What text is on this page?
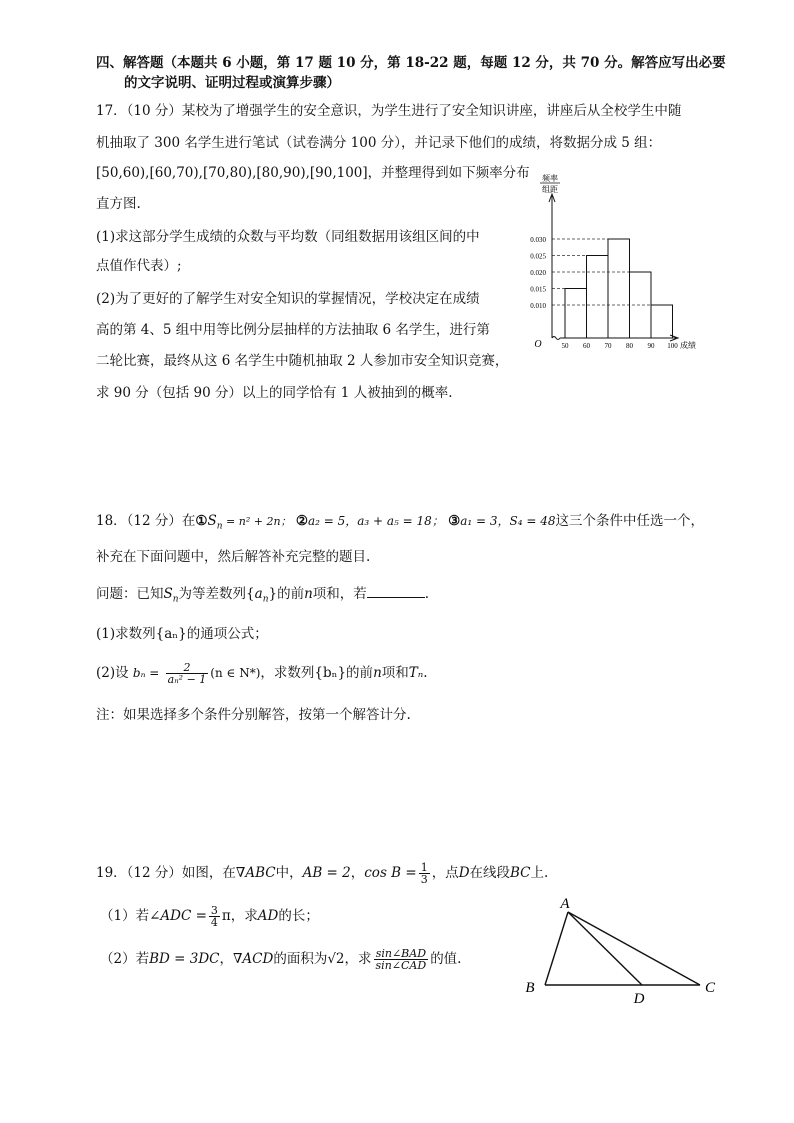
四、解答题（本题共 6 小题，第 17 题 10 分，第 18-22 题，每题 12 分，共 70 分。解答应写出必要
的文字说明、证明过程或演算步骤）
17．（10 分）某校为了增强学生的安全意识，为学生进行了安全知识讲座，讲座后从全校学生中随
机抽取了 300 名学生进行笔试（试卷满分 100 分），并记录下他们的成绩，将数据分成 5 组：
[50,60),[60,70),[70,80),[80,90),[90,100]，并整理得到如下频率分布
直方图.
(1)求这部分学生成绩的众数与平均数（同组数据用该组区间的中
点值作代表）;
(2)为了更好的了解学生对安全知识的掌握情况，学校决定在成绩
高的第 4、5 组中用等比例分层抽样的方法抽取 6 名学生，进行第
二轮比赛，最终从这 6 名学生中随机抽取 2 人参加市安全知识竞赛，
求 90 分（包括 90 分）以上的同学恰有 1 人被抽到的概率.
频率
组距
O	成绩
0.010
0.015
0.020
0.025
0.030
50 60 70 80 90 100
18．（12 分）在$①S_n = n^2 + 2n$； ②a₂ = 5，a₃ + a₅ = 18； ③a₁ = 3，S₄ = 48这三个条件中任选一个，
补充在下面问题中，然后解答补充完整的题目.
问题：已知$S_n$为等差数列$\{a_n\}$的前n项和，若	.
(1)求数列{aₙ}的通项公式；
(2)设 $b_n = \frac{2}{\text{aₙ² − 1}} (n$ ∈ N*)，求数列{bₙ}的前n项和Tₙ.
注：如果选择多个条件分别解答，按第一个解答计分.
19．（12 分）如图，在∇ABC中，AB = 2，$\cos B = \frac{1}{3}$ ，点D在线段BC上.
（1）若∠ADC = $\frac{3}{4}$ π，求AD的长；
（2）若BD = 3DC，∇ACD的面积为√2，求 $\frac{\text{sin∠BAD}}{\text{sin∠CAD}}$ 的值.
A
B	C
D
